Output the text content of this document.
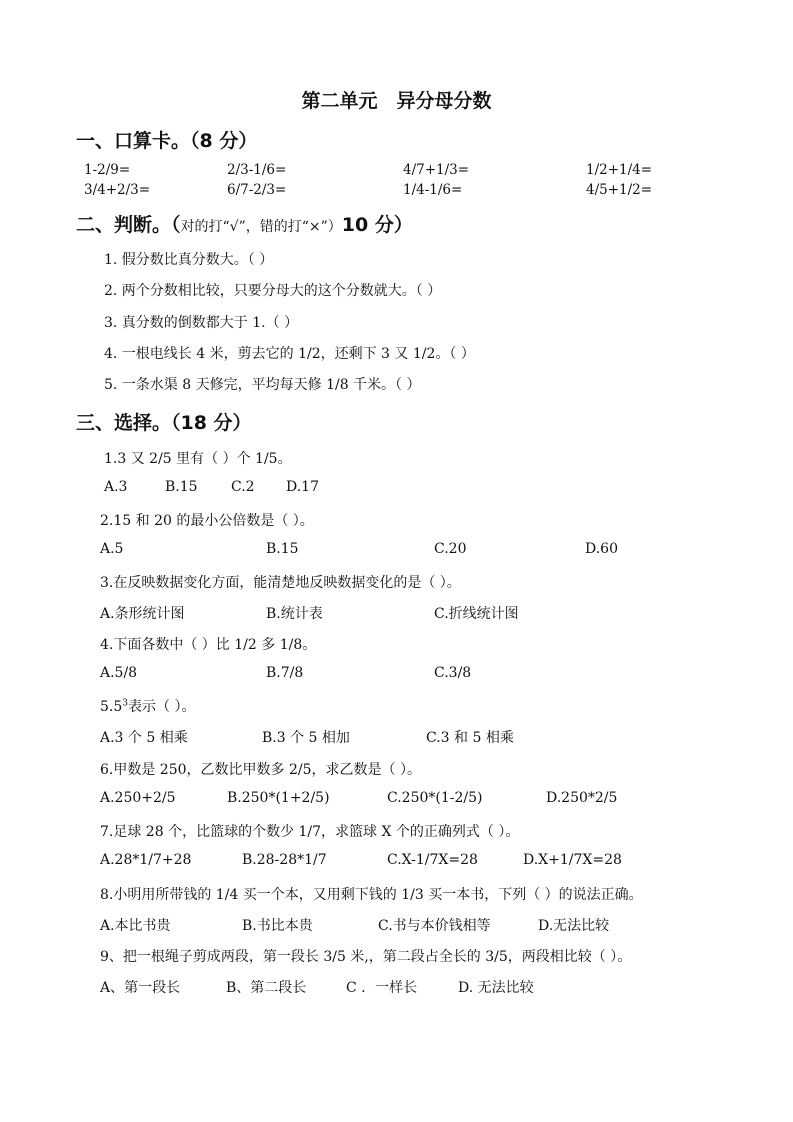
第二单元　异分母分数
一、口算卡。（8 分）
1-2/9=	2/3-1/6=	4/7+1/3=	1/2+1/4=
3/4+2/3=	6/7-2/3=	1/4-1/6=	4/5+1/2=
二、判断。（对的打“√”，错的打“×”）10 分）
1. 假分数比真分数大。（ ）
2. 两个分数相比较，只要分母大的这个分数就大。（ ）
3. 真分数的倒数都大于 1.（ ）
4. 一根电线长 4 米，剪去它的 1/2，还剩下 3 又 1/2。（ ）
5. 一条水渠 8 天修完，平均每天修 1/8 千米。（ ）
三、选择。（18 分）
1.3 又 2/5 里有（ ）个 1/5。
A.3	B.15 C.2 D.17
2.15 和 20 的最小公倍数是（ ）。
A.5	B.15	C.20	D.60
3.在反映数据变化方面，能清楚地反映数据变化的是（ ）。
A.条形统计图	B.统计表	C.折线统计图
4.下面各数中（ ）比 1/2 多 1/8。
A.5/8	B.7/8	C.3/8
$5.5^3$表示（ ）。
A.3 个 5 相乘	B.3 个 5 相加	C.3 和 5 相乘
6.甲数是 250，乙数比甲数多 2/5，求乙数是（ ）。
A.250+2/5	B.250*(1+2/5)	C.250*(1-2/5)	D.250*2/5
7.足球 28 个，比篮球的个数少 1/7，求篮球 X 个的正确列式（ ）。
A.28*1/7+28	B.28-28*1/7	C.X-1/7X=28	D.X+1/7X=28
8.小明用所带钱的 1/4 买一个本，又用剩下钱的 1/3 买一本书，下列（ ）的说法正确。
A.本比书贵	B.书比本贵	C.书与本价钱相等	D.无法比较
9、把一根绳子剪成两段，第一段长 3/5 米,，第二段占全长的 3/5，两段相比较（ ）。
A、第一段长	B、第二段长	C ．一样长	D. 无法比较
